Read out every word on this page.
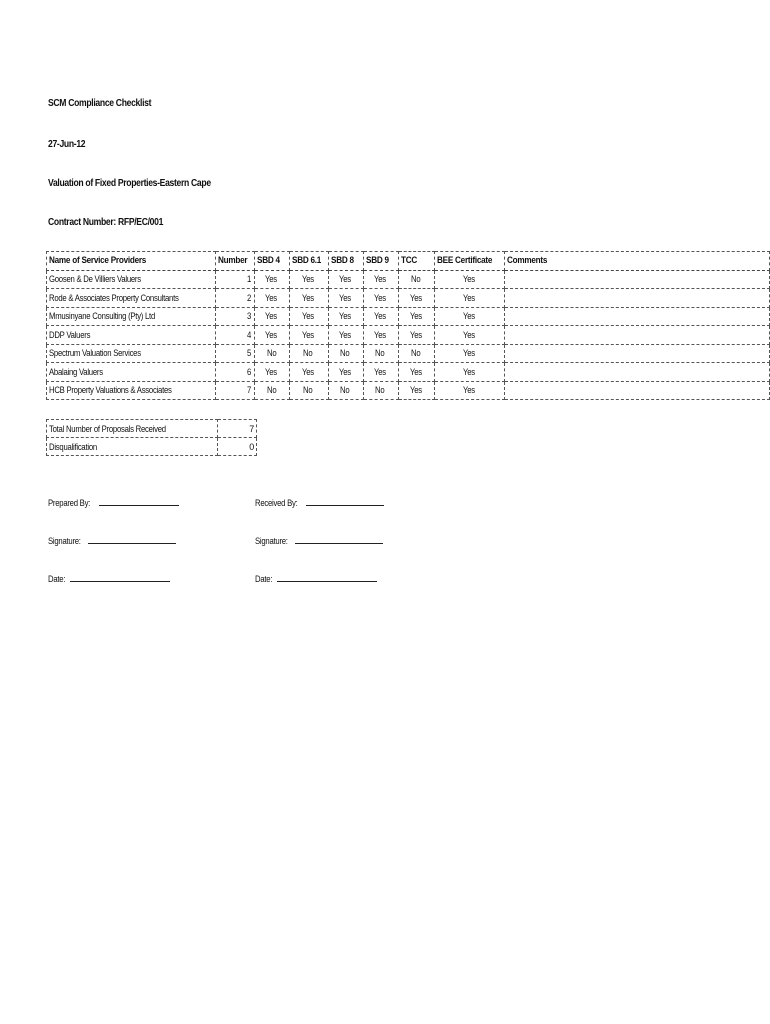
SCM Compliance Checklist
27-Jun-12
Valuation of Fixed Properties-Eastern Cape
Contract Number: RFP/EC/001
Name of Service Providers	Number	SBD 4	SBD 6.1	SBD 8	SBD 9	TCC	BEE Certificate	Comments
Goosen & De Villiers Valuers	1	Yes	Yes	Yes	Yes	No	Yes	
Rode & Associates Property Consultants	2	Yes	Yes	Yes	Yes	Yes	Yes	
Mmusinyane Consulting (Pty) Ltd	3	Yes	Yes	Yes	Yes	Yes	Yes	
DDP Valuers	4	Yes	Yes	Yes	Yes	Yes	Yes	
Spectrum Valuation Services	5	No	No	No	No	No	Yes	
Abalaing Valuers	6	Yes	Yes	Yes	Yes	Yes	Yes	
HCB Property Valuations & Associates	7	No	No	No	No	Yes	Yes	
Total Number of Proposals Received	7
Disqualification	0
Prepared By:	Received By:
Signature:	Signature:
Date:	Date:
